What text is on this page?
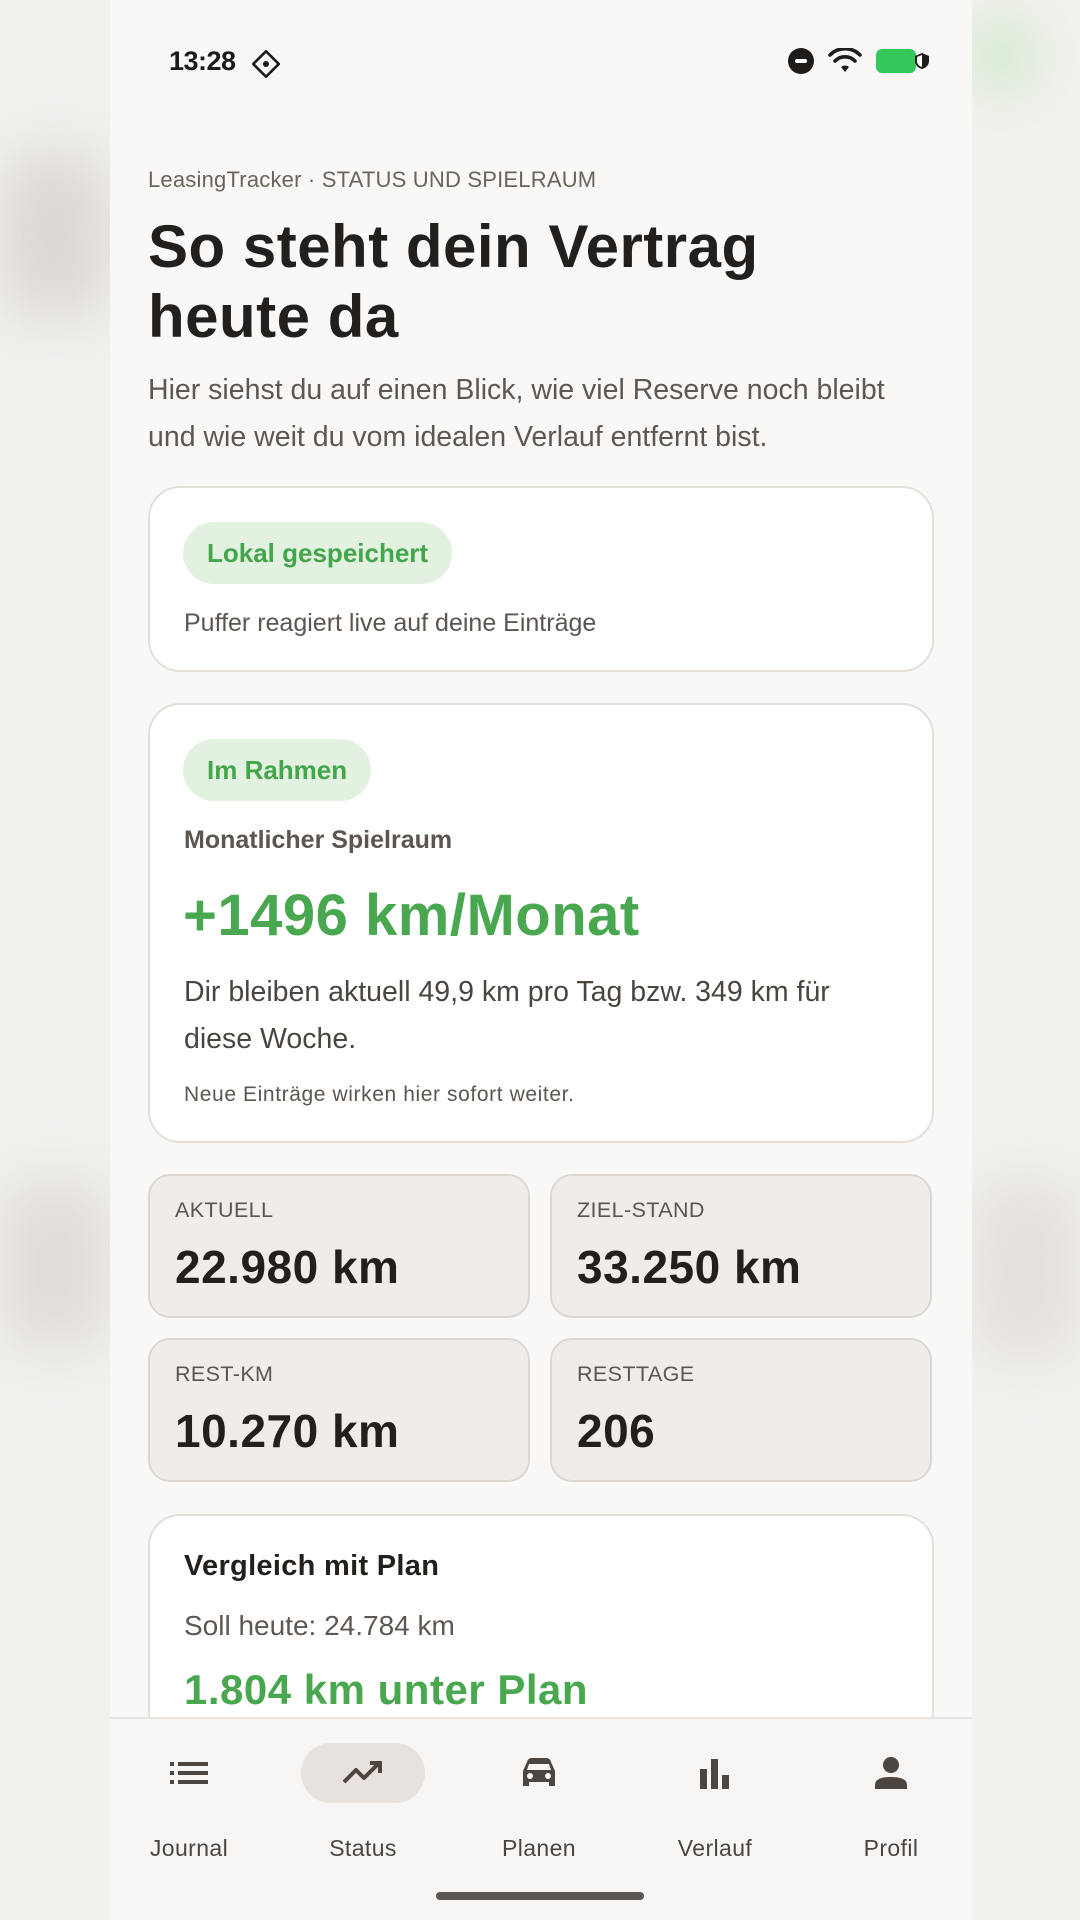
13:28
LeasingTracker · STATUS UND SPIELRAUM
So steht dein Vertrag heute da
Hier siehst du auf einen Blick, wie viel Reserve noch bleibt und wie weit du vom idealen Verlauf entfernt bist.
Lokal gespeichert
Puffer reagiert live auf deine Einträge
Im Rahmen
Monatlicher Spielraum
+1496 km/Monat
Dir bleiben aktuell 49,9 km pro Tag bzw. 349 km für diese Woche.
Neue Einträge wirken hier sofort weiter.
AKTUELL
22.980 km
ZIEL-STAND
33.250 km
REST-KM
10.270 km
RESTTAGE
206
Vergleich mit Plan
Soll heute: 24.784 km
1.804 km unter Plan
Journal	Status	Planen	Verlauf	Profil
